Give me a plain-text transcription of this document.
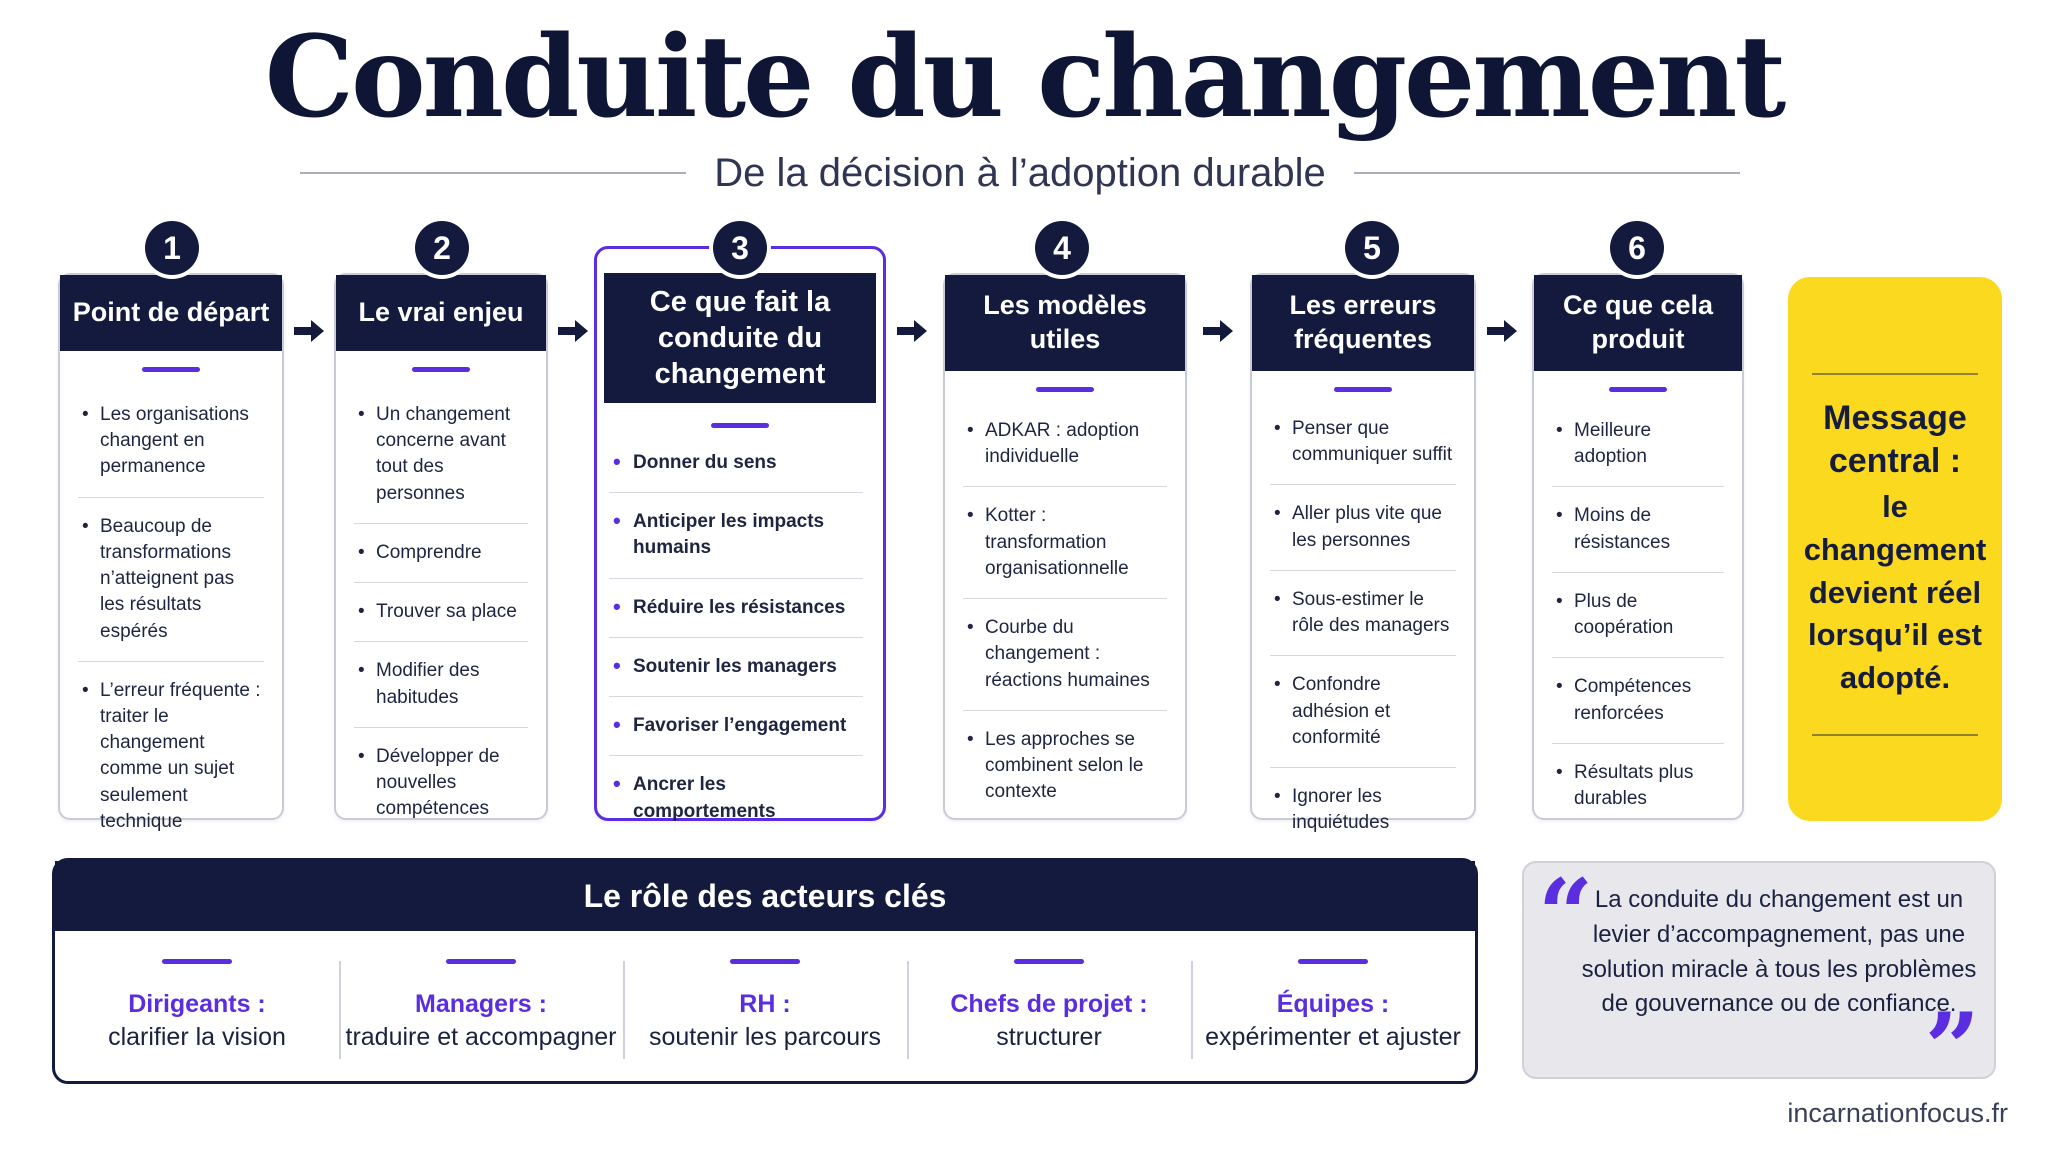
Conduite du changement
De la décision à l’adoption durable
1
Point de départ
• Les organisations changent en permanence
• Beaucoup de transformations n’atteignent pas les résultats espérés
• L’erreur fréquente : traiter le changement comme un sujet seulement technique
2
Le vrai enjeu
• Un changement concerne avant tout des personnes
• Comprendre
• Trouver sa place
• Modifier des habitudes
• Développer de nouvelles compétences
3
Ce que fait la conduite du changement
• Donner du sens
• Anticiper les impacts humains
• Réduire les résistances
• Soutenir les managers
• Favoriser l’engagement
• Ancrer les comportements
4
Les modèles utiles
• ADKAR : adoption individuelle
• Kotter : transformation organisationnelle
• Courbe du changement : réactions humaines
• Les approches se combinent selon le contexte
5
Les erreurs fréquentes
• Penser que communiquer suffit
• Aller plus vite que les personnes
• Sous-estimer le rôle des managers
• Confondre adhésion et conformité
• Ignorer les inquiétudes
6
Ce que cela produit
• Meilleure adoption
• Moins de résistances
• Plus de coopération
• Compétences renforcées
• Résultats plus durables
Message central :
le changement devient réel lorsqu’il est adopté.
Le rôle des acteurs clés
Dirigeants :
clarifier la vision
Managers :
traduire et accompagner
RH :
soutenir les parcours
Chefs de projet :
structurer
Équipes :
expérimenter et ajuster
“ La conduite du changement est un levier d’accompagnement, pas une solution miracle à tous les problèmes de gouvernance ou de confiance.
”
incarnationfocus.fr
